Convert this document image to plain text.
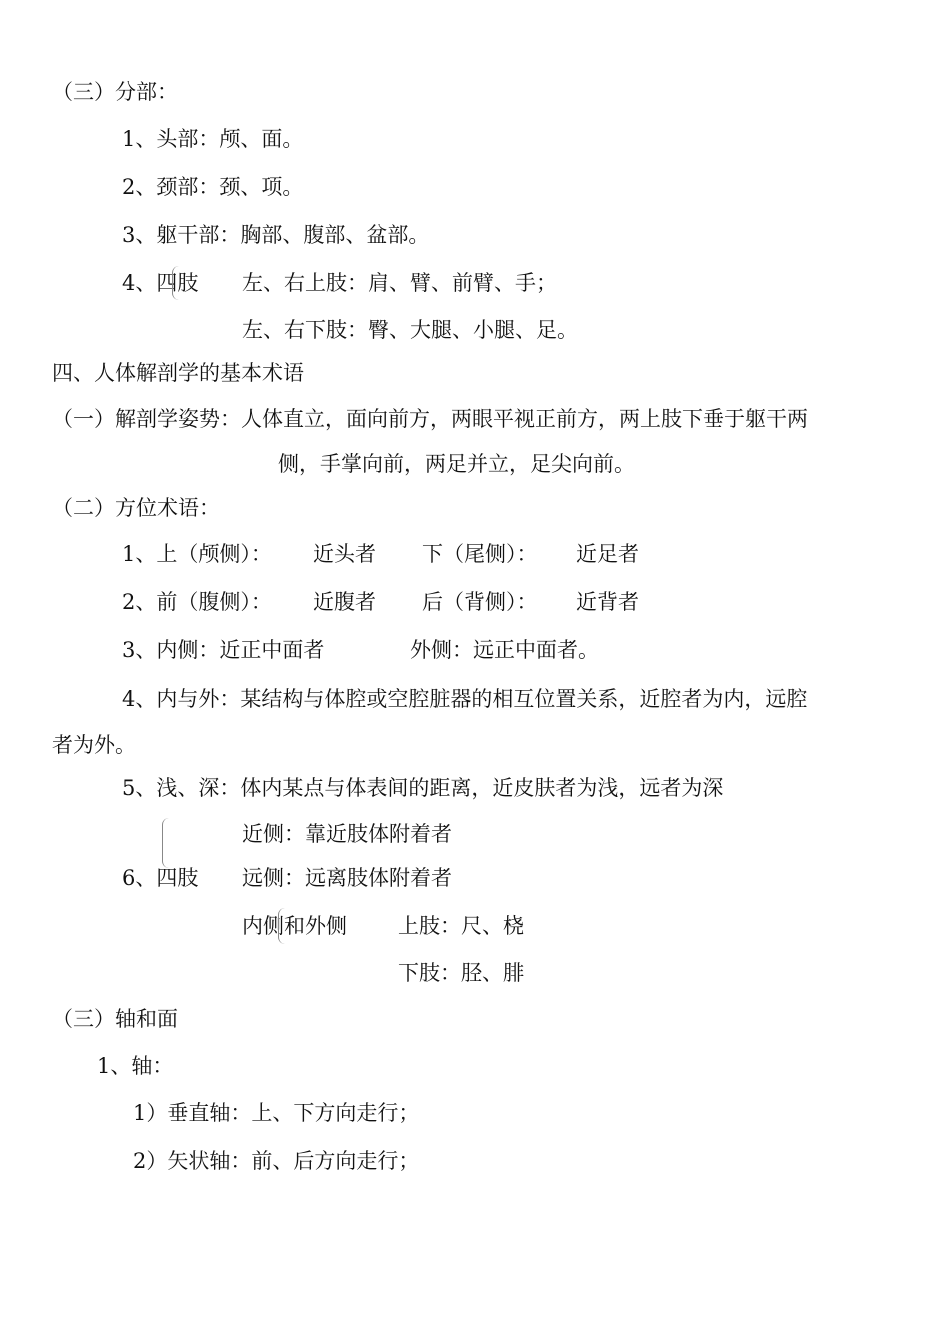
（三）分部：
1、头部：颅、面。
2、颈部：颈、项。
3、躯干部：胸部、腹部、盆部。
4、四肢 左、右上肢：肩、臂、前臂、手；
左、右下肢：臀、大腿、小腿、足。
四、人体解剖学的基本术语
（一）解剖学姿势：人体直立，面向前方，两眼平视正前方，两上肢下垂于躯干两
侧，手掌向前，两足并立，足尖向前。
（二）方位术语：
1、上（颅侧）： 近头者 下（尾侧）： 近足者
2、前（腹侧）： 近腹者 后（背侧）： 近背者
3、内侧：近正中面者	外侧：远正中面者。
4、内与外：某结构与体腔或空腔脏器的相互位置关系，近腔者为内，远腔
者为外。
5、浅、深：体内某点与体表间的距离，近皮肤者为浅，远者为深
近侧：靠近肢体附着者
6、四肢 远侧：远离肢体附着者
内侧和外侧 上肢：尺、桡
下肢：胫、腓
（三）轴和面
1、轴：
1）垂直轴：上、下方向走行；
2）矢状轴：前、后方向走行；
